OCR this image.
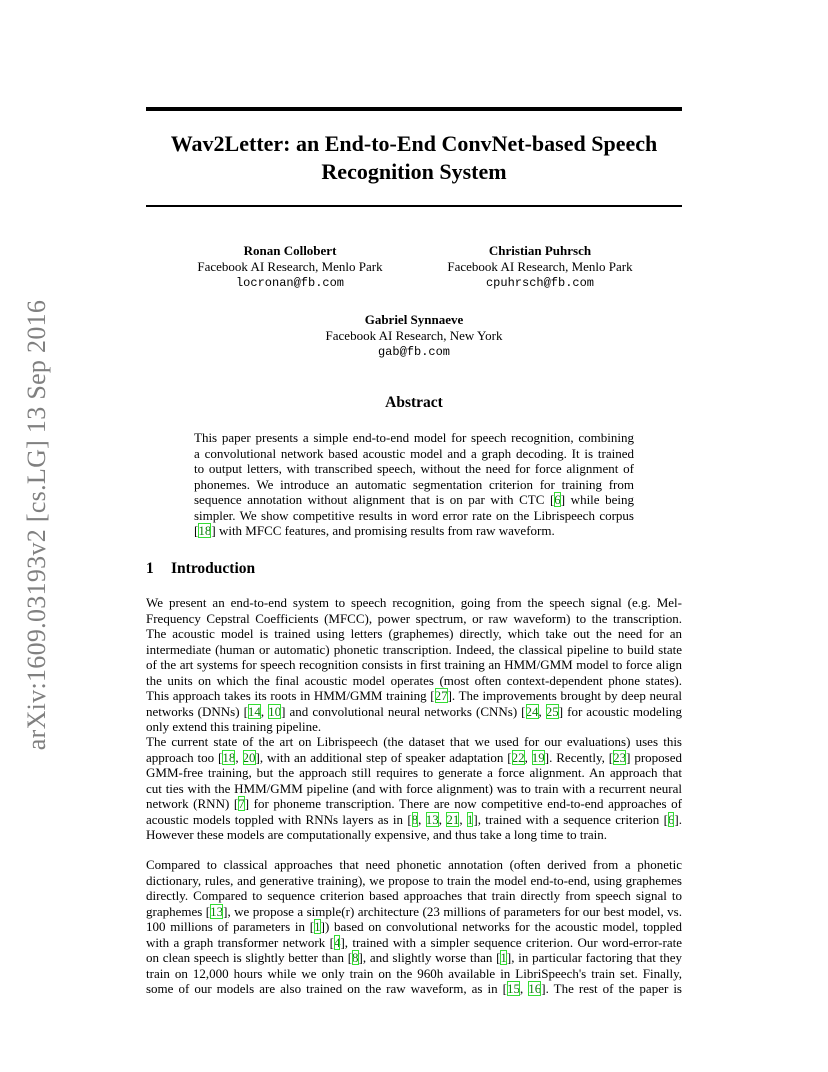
arXiv:1609.03193v2 [cs.LG] 13 Sep 2016
Wav2Letter: an End-to-End ConvNet-based Speech
Recognition System
Ronan Collobert
Facebook AI Research, Menlo Park
locronan@fb.com
Christian Puhrsch
Facebook AI Research, Menlo Park
cpuhrsch@fb.com
Gabriel Synnaeve
Facebook AI Research, New York
gab@fb.com
Abstract
This paper presents a simple end-to-end model for speech recognition, combining
a convolutional network based acoustic model and a graph decoding. It is trained
to output letters, with transcribed speech, without the need for force alignment of
phonemes. We introduce an automatic segmentation criterion for training from
sequence annotation without alignment that is on par with CTC [6] while being
simpler. We show competitive results in word error rate on the Librispeech corpus
[18] with MFCC features, and promising results from raw waveform.
1 Introduction
We present an end-to-end system to speech recognition, going from the speech signal (e.g. Mel-
Frequency Cepstral Coefficients (MFCC), power spectrum, or raw waveform) to the transcription.
The acoustic model is trained using letters (graphemes) directly, which take out the need for an
intermediate (human or automatic) phonetic transcription. Indeed, the classical pipeline to build state
of the art systems for speech recognition consists in first training an HMM/GMM model to force align
the units on which the final acoustic model operates (most often context-dependent phone states).
This approach takes its roots in HMM/GMM training [27]. The improvements brought by deep neural
networks (DNNs) [14, 10] and convolutional neural networks (CNNs) [24, 25] for acoustic modeling
only extend this training pipeline.
The current state of the art on Librispeech (the dataset that we used for our evaluations) uses this
approach too [18, 20], with an additional step of speaker adaptation [22, 19]. Recently, [23] proposed
GMM-free training, but the approach still requires to generate a force alignment. An approach that
cut ties with the HMM/GMM pipeline (and with force alignment) was to train with a recurrent neural
network (RNN) [7] for phoneme transcription. There are now competitive end-to-end approaches of
acoustic models toppled with RNNs layers as in [8, 13, 21, 1], trained with a sequence criterion [6].
However these models are computationally expensive, and thus take a long time to train.
Compared to classical approaches that need phonetic annotation (often derived from a phonetic
dictionary, rules, and generative training), we propose to train the model end-to-end, using graphemes
directly. Compared to sequence criterion based approaches that train directly from speech signal to
graphemes [13], we propose a simple(r) architecture (23 millions of parameters for our best model, vs.
100 millions of parameters in [1]) based on convolutional networks for the acoustic model, toppled
with a graph transformer network [4], trained with a simpler sequence criterion. Our word-error-rate
on clean speech is slightly better than [8], and slightly worse than [1], in particular factoring that they
train on 12,000 hours while we only train on the 960h available in LibriSpeech's train set. Finally,
some of our models are also trained on the raw waveform, as in [15, 16]. The rest of the paper is
